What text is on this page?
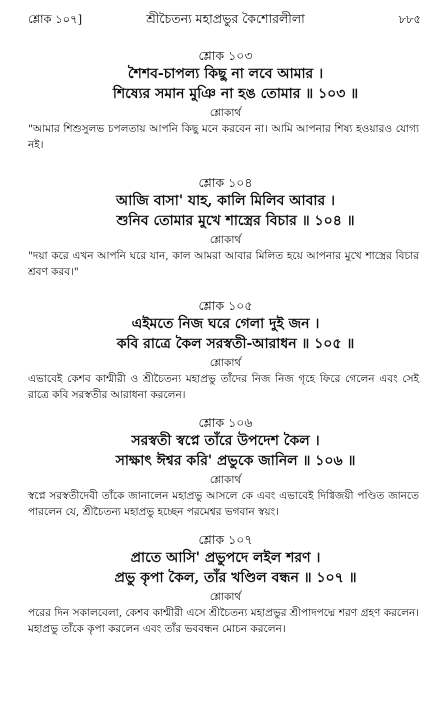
শ্লোক ১০৭]	শ্রীচৈতন্য মহাপ্রভুর কৈশোরলীলা	৮৮৫
শ্লোক ১০৩
শৈশব-চাপল্য কিছু না লবে আমার ।
শিষ্যের সমান মুঞি না হঙ তোমার ॥ ১০৩ ॥
শ্লোকার্থ
"আমার শিশুসুলভ চপলতায় আপনি কিছু মনে করবেন না। আমি আপনার শিষ্য হওয়ারও যোগ্য নই।
শ্লোক ১০৪
আজি বাসা' যাহ, কালি মিলিব আবার ।
শুনিব তোমার মুখে শাস্ত্রের বিচার ॥ ১০৪ ॥
শ্লোকার্থ
"দয়া করে এখন আপনি ঘরে যান, কাল আমরা আবার মিলিত হয়ে আপনার মুখে শাস্ত্রের বিচার শ্রবণ করব।"
শ্লোক ১০৫
এইমতে নিজ ঘরে গেলা দুই জন ।
কবি রাত্রে কৈল সরস্বতী-আরাধন ॥ ১০৫ ॥
শ্লোকার্থ
এভাবেই কেশব কাশ্মীরী ও শ্রীচৈতন্য মহাপ্রভু তাঁদের নিজ নিজ গৃহে ফিরে গেলেন এবং সেই রাত্রে কবি সরস্বতীর আরাধনা করলেন।
শ্লোক ১০৬
সরস্বতী স্বপ্নে তাঁরে উপদেশ কৈল ।
সাক্ষাৎ ঈশ্বর করি' প্রভুকে জানিল ॥ ১০৬ ॥
শ্লোকার্থ
স্বপ্নে সরস্বতীদেবী তাঁকে জানালেন মহাপ্রভু আসলে কে এবং এভাবেই দিগ্বিজয়ী পণ্ডিত জানতে পারলেন যে, শ্রীচৈতন্য মহাপ্রভু হচ্ছেন পরমেশ্বর ভগবান স্বয়ং।
শ্লোক ১০৭
প্রাতে আসি' প্রভুপদে লইল শরণ ।
প্রভু কৃপা কৈল, তাঁর খণ্ডিল বন্ধন ॥ ১০৭ ॥
শ্লোকার্থ
পরের দিন সকালবেলা, কেশব কাশ্মীরী এসে শ্রীচৈতন্য মহাপ্রভুর শ্রীপাদপদ্মে শরণ গ্রহণ করলেন। মহাপ্রভু তাঁকে কৃপা করলেন এবং তাঁর ভববন্ধন মোচন করলেন।
